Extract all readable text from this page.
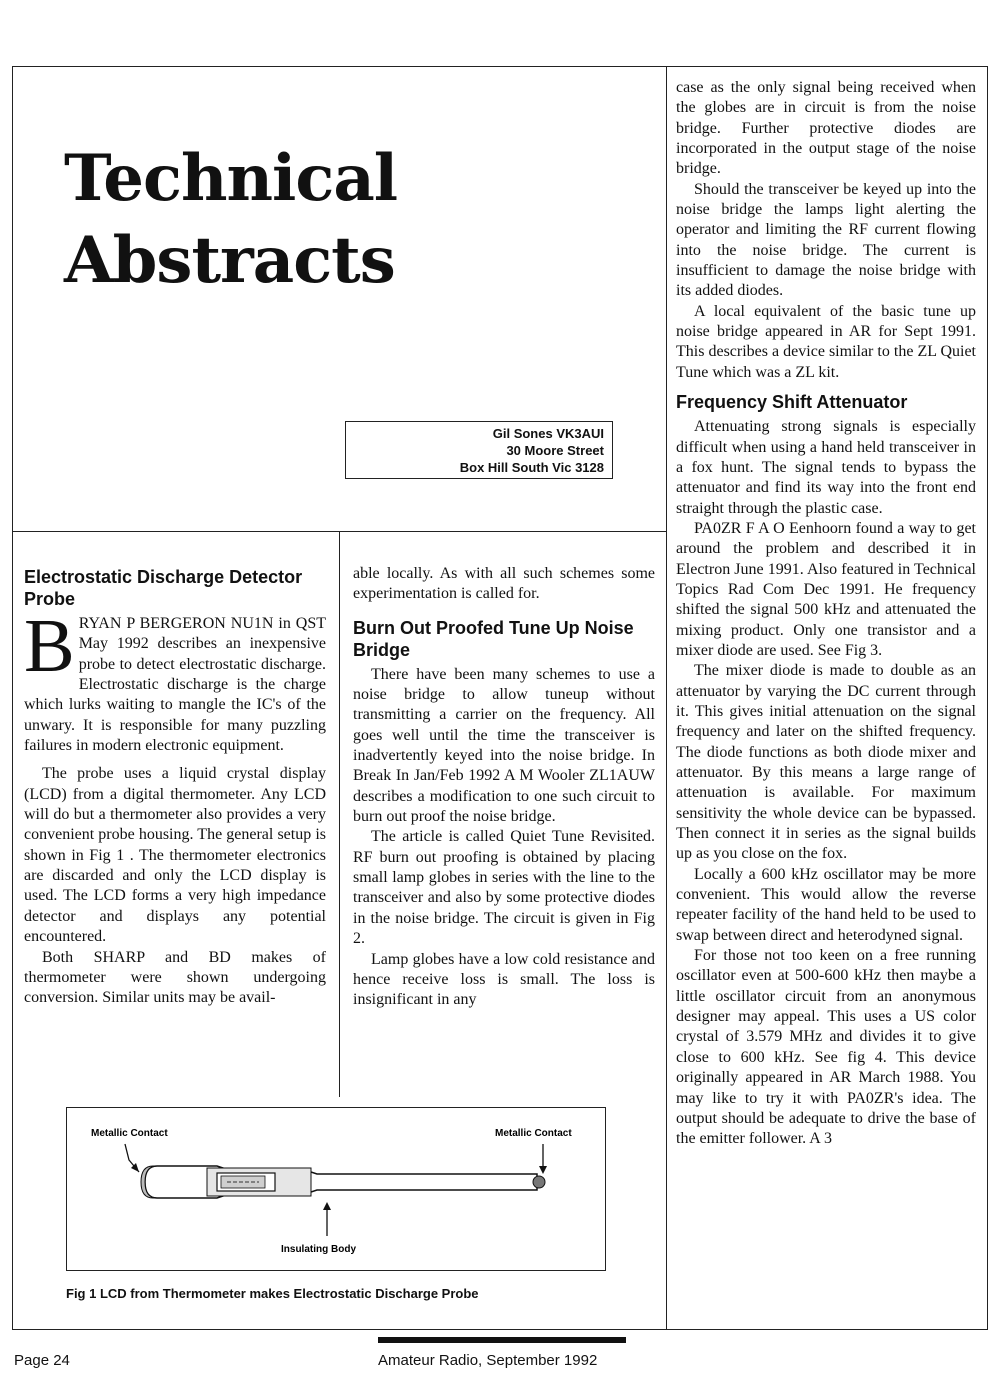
Technical
Abstracts
Gil Sones VK3AUI
30 Moore Street
Box Hill South Vic 3128
Electrostatic Discharge Detector Probe

BRYAN P BERGERON NU1N in QST May 1992 describes an inexpensive probe to detect electrostatic discharge. Electrostatic discharge is the charge which lurks waiting to mangle the IC's of the unwary. It is responsible for many puzzling failures in modern electronic equipment.

The probe uses a liquid crystal display (LCD) from a digital thermometer. Any LCD will do but a thermometer also provides a very convenient probe housing. The general setup is shown in Fig 1 . The thermometer electronics are discarded and only the LCD display is used. The LCD forms a very high impedance detector and displays any potential encountered.

Both SHARP and BD makes of thermometer were shown undergoing conversion. Similar units may be avail-

able locally. As with all such schemes some experimentation is called for.

Burn Out Proofed Tune Up Noise Bridge

There have been many schemes to use a noise bridge to allow tuneup without transmitting a carrier on the frequency. All goes well until the time the transceiver is inadvertently keyed into the noise bridge. In Break In Jan/Feb 1992 A M Wooler ZL1AUW describes a modification to one such circuit to burn out proof the noise bridge.

The article is called Quiet Tune Revisited. RF burn out proofing is obtained by placing small lamp globes in series with the line to the transceiver and also by some protective diodes in the noise bridge. The circuit is given in Fig 2.

Lamp globes have a low cold resistance and hence receive loss is small. The loss is insignificant in any

case as the only signal being received when the globes are in circuit is from the noise bridge. Further protective diodes are incorporated in the output stage of the noise bridge.

Should the transceiver be keyed up into the noise bridge the lamps light alerting the operator and limiting the RF current flowing into the noise bridge. The current is insufficient to damage the noise bridge with its added diodes.

A local equivalent of the basic tune up noise bridge appeared in AR for Sept 1991. This describes a device similar to the ZL Quiet Tune which was a ZL kit.

Frequency Shift Attenuator

Attenuating strong signals is especially difficult when using a hand held transceiver in a fox hunt. The signal tends to bypass the attenuator and find its way into the front end straight through the plastic case.

PA0ZR F A O Eenhoorn found a way to get around the problem and described it in Electron June 1991. Also featured in Technical Topics Rad Com Dec 1991. He frequency shifted the signal 500 kHz and attenuated the mixing product. Only one transistor and a mixer diode are used. See Fig 3.

The mixer diode is made to double as an attenuator by varying the DC current through it. This gives initial attenuation on the signal frequency and later on the shifted frequency. The diode functions as both diode mixer and attenuator. By this means a large range of attenuation is available. For maximum sensitivity the whole device can be bypassed. Then connect it in series as the signal builds up as you close on the fox.

Locally a 600 kHz oscillator may be more convenient. This would allow the reverse repeater facility of the hand held to be used to swap between direct and heterodyned signal.

For those not too keen on a free running oscillator even at 500-600 kHz then maybe a little oscillator circuit from an anonymous designer may appeal. This uses a US color crystal of 3.579 MHz and divides it to give close to 600 kHz. See fig 4. This device originally appeared in AR March 1988. You may like to try it with PA0ZR's idea. The output should be adequate to drive the base of the emitter follower. A 3

Metallic Contact	Metallic Contact
Insulating Body
Fig 1 LCD from Thermometer makes Electrostatic Discharge Probe
Page 24	Amateur Radio, September 1992
